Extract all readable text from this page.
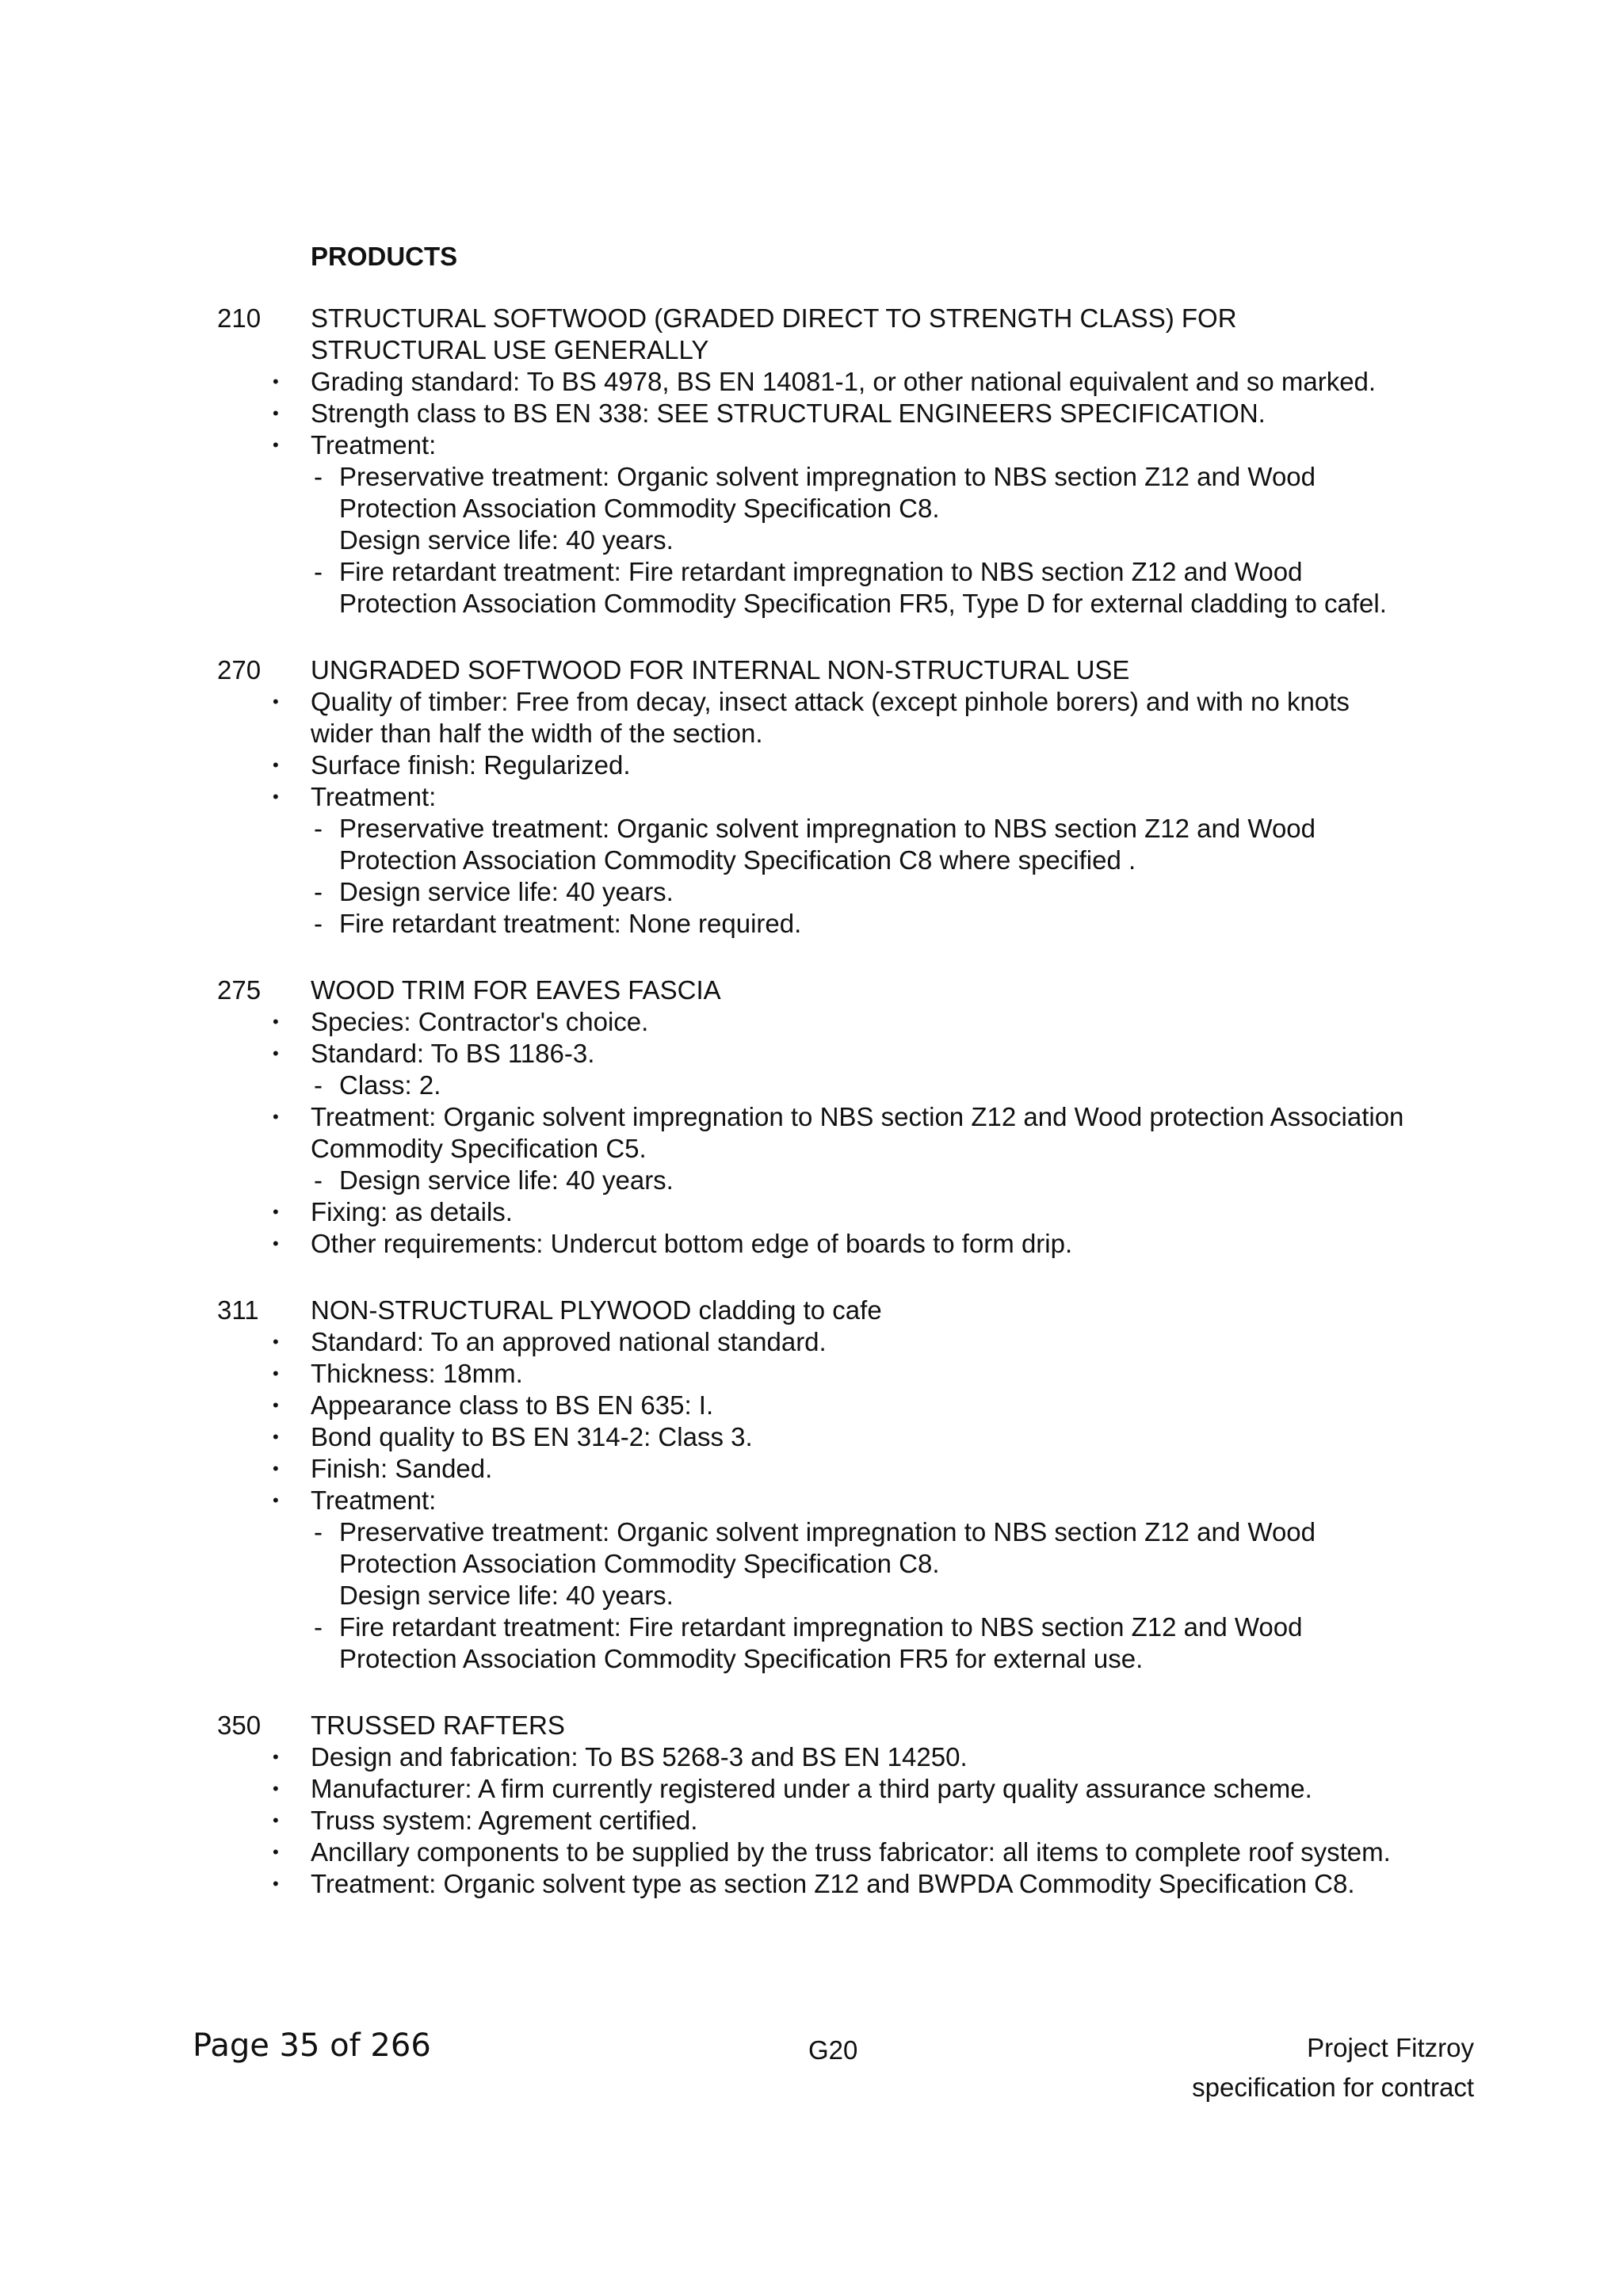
PRODUCTS
210 STRUCTURAL SOFTWOOD (GRADED DIRECT TO STRENGTH CLASS) FOR STRUCTURAL USE GENERALLY
• Grading standard: To BS 4978, BS EN 14081-1, or other national equivalent and so marked.
• Strength class to BS EN 338: SEE STRUCTURAL ENGINEERS SPECIFICATION.
• Treatment:
- Preservative treatment: Organic solvent impregnation to NBS section Z12 and Wood Protection Association Commodity Specification C8.
Design service life: 40 years.
- Fire retardant treatment: Fire retardant impregnation to NBS section Z12 and Wood Protection Association Commodity Specification FR5, Type D for external cladding to cafel.
270 UNGRADED SOFTWOOD FOR INTERNAL NON-STRUCTURAL USE
• Quality of timber: Free from decay, insect attack (except pinhole borers) and with no knots wider than half the width of the section.
• Surface finish: Regularized.
• Treatment:
- Preservative treatment: Organic solvent impregnation to NBS section Z12 and Wood Protection Association Commodity Specification C8 where specified .
- Design service life: 40 years.
- Fire retardant treatment: None required.
275 WOOD TRIM FOR EAVES FASCIA
• Species: Contractor's choice.
• Standard: To BS 1186-3.
- Class: 2.
• Treatment: Organic solvent impregnation to NBS section Z12 and Wood protection Association Commodity Specification C5.
- Design service life: 40 years.
• Fixing: as details.
• Other requirements: Undercut bottom edge of boards to form drip.
311 NON-STRUCTURAL PLYWOOD cladding to cafe
• Standard: To an approved national standard.
• Thickness: 18mm.
• Appearance class to BS EN 635: I.
• Bond quality to BS EN 314-2: Class 3.
• Finish: Sanded.
• Treatment:
- Preservative treatment: Organic solvent impregnation to NBS section Z12 and Wood Protection Association Commodity Specification C8.
Design service life: 40 years.
- Fire retardant treatment: Fire retardant impregnation to NBS section Z12 and Wood Protection Association Commodity Specification FR5 for external use.
350 TRUSSED RAFTERS
• Design and fabrication: To BS 5268-3 and BS EN 14250.
• Manufacturer: A firm currently registered under a third party quality assurance scheme.
• Truss system: Agrement certified.
• Ancillary components to be supplied by the truss fabricator: all items to complete roof system.
• Treatment: Organic solvent type as section Z12 and BWPDA Commodity Specification C8.
Page 35 of 266	G20	Project Fitzroy
specification for contract
